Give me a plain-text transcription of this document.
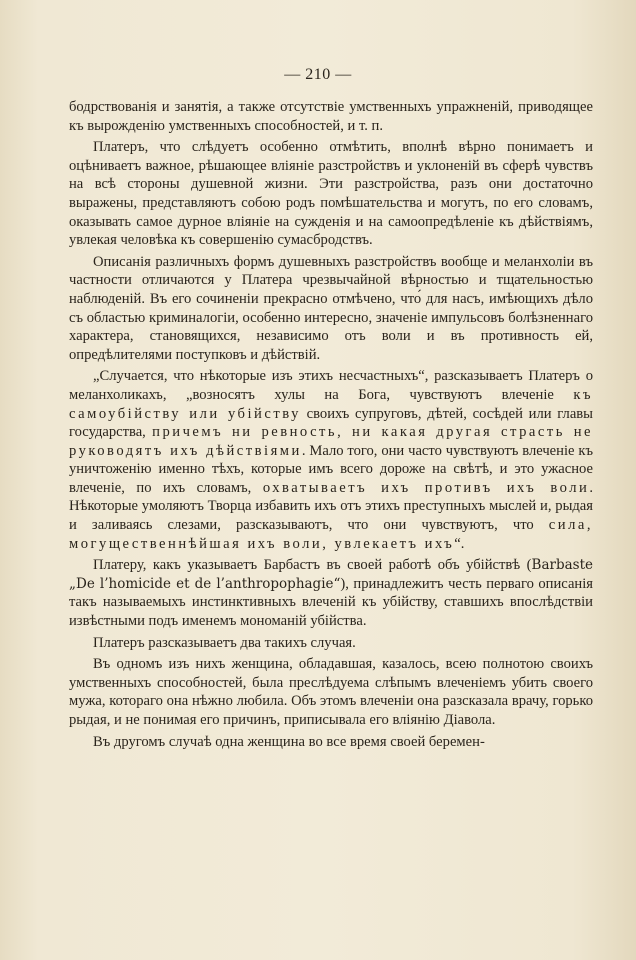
— 210 —

бодрствованія и занятія, а также отсутствіе умственныхъ упражненій, приводящее къ вырожденію умственныхъ способностей, и т. п.

Платеръ, что слѣдуетъ особенно отмѣтить, вполнѣ вѣрно понимаетъ и оцѣниваетъ важное, рѣшающее вліяніе разстройствъ и уклоненій въ сферѣ чувствъ на всѣ стороны душевной жизни. Эти разстройства, разъ они достаточно выражены, представляютъ собою родъ помѣшательства и могутъ, по его словамъ, оказывать самое дурное вліяніе на сужденія и на самоопредѣленіе къ дѣйствіямъ, увлекая человѣка къ совершенію сумасбродствъ.

Описанія различныхъ формъ душевныхъ разстройствъ вообще и меланхоліи въ частности отличаются у Платера чрезвычайной вѣрностью и тщательностью наблюденій. Въ его сочиненіи прекрасно отмѣчено, что́ для насъ, имѣющихъ дѣло съ областью криминалогіи, особенно интересно, значеніе импульсовъ болѣзненнаго характера, становящихся, независимо отъ воли и въ противность ей, опредѣлителями поступковъ и дѣйствій.

„Случается, что нѣкоторые изъ этихъ несчастныхъ“, разсказываетъ Платеръ о меланхоликахъ, „возносятъ хулы на Бога, чувствуютъ влеченіе къ самоубійству или убійству своихъ супруговъ, дѣтей, сосѣдей или главы государства, причемъ ни ревность, ни какая другая страсть не руководятъ ихъ дѣйствіями. Мало того, они часто чувствуютъ влеченіе къ уничтоженію именно тѣхъ, которые имъ всего дороже на свѣтѣ, и это ужасное влеченіе, по ихъ словамъ, охватываетъ ихъ противъ ихъ воли. Нѣкоторые умоляютъ Творца избавить ихъ отъ этихъ преступныхъ мыслей и, рыдая и заливаясь слезами, разсказываютъ, что они чувствуютъ, что сила, могущественнѣйшая ихъ воли, увлекаетъ ихъ“.

Платеру, какъ указываетъ Барбастъ въ своей работѣ объ убійствѣ (Barbaste „De l’homicide et de l’anthropophagie“), принадлежитъ честь перваго описанія такъ называемыхъ инстинктивныхъ влеченій къ убійству, ставшихъ впослѣдствіи извѣстными подъ именемъ мономаній убійства.

Платеръ разсказываетъ два такихъ случая.

Въ одномъ изъ нихъ женщина, обладавшая, казалось, всею полнотою своихъ умственныхъ способностей, была преслѣдуема слѣпымъ влеченіемъ убить своего мужа, котораго она нѣжно любила. Объ этомъ влеченіи она разсказала врачу, горько рыдая, и не понимая его причинъ, приписывала его вліянію Діавола.

Въ другомъ случаѣ одна женщина во все время своей беремен-
